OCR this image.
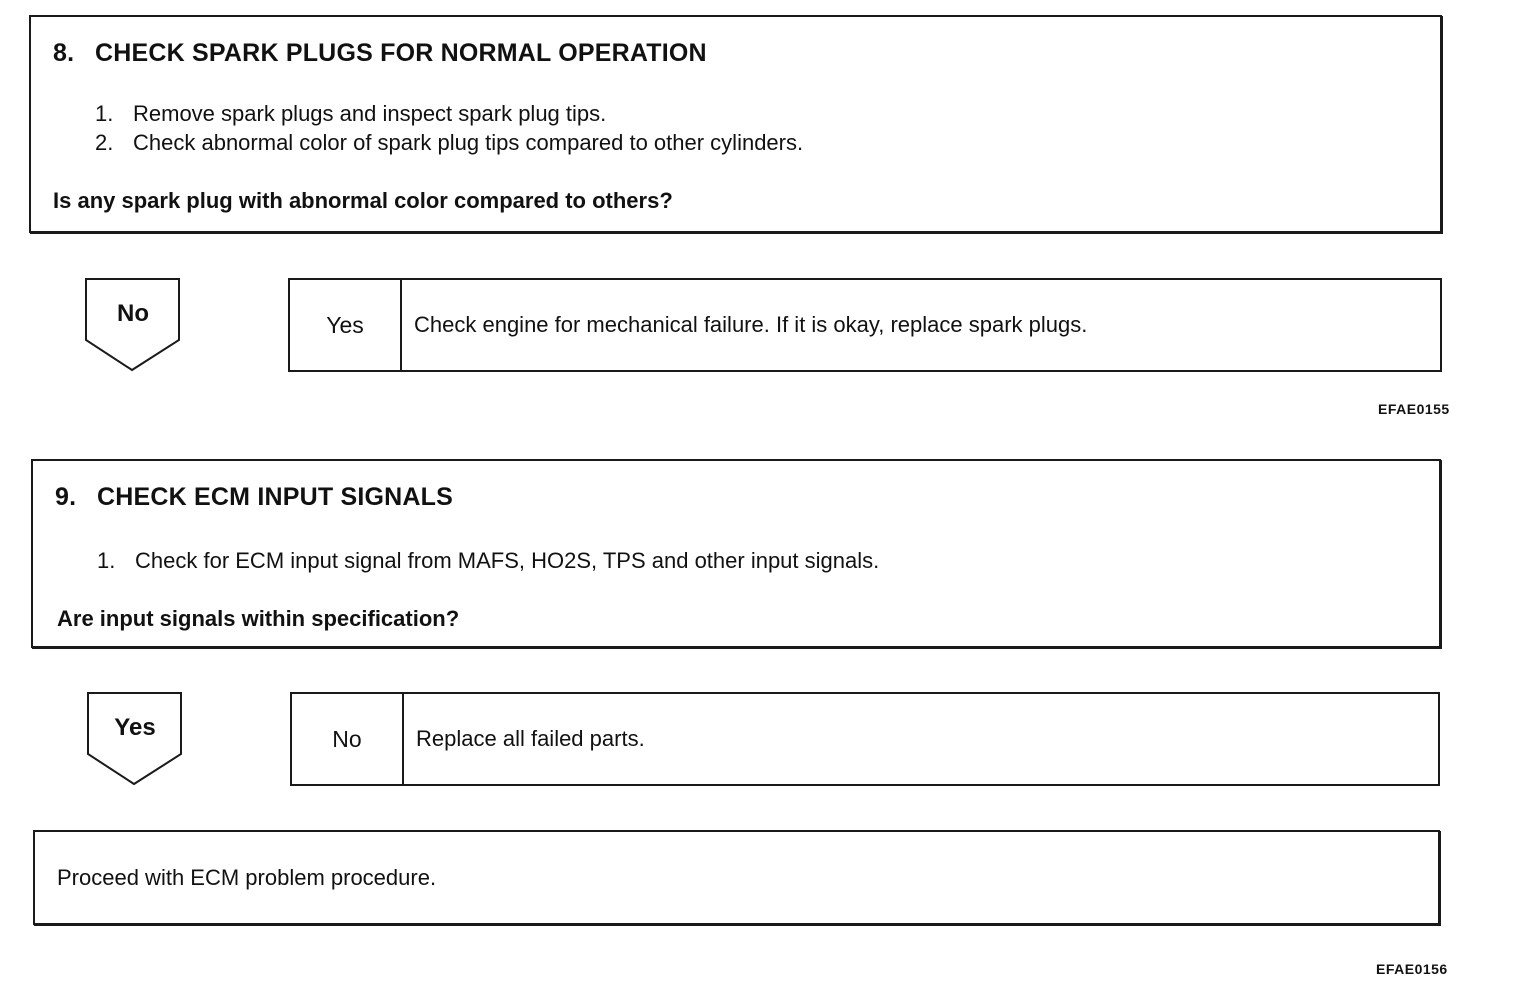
8. CHECK SPARK PLUGS FOR NORMAL OPERATION
1. Remove spark plugs and inspect spark plug tips.
2. Check abnormal color of spark plug tips compared to other cylinders.
Is any spark plug with abnormal color compared to others?
No	Yes	Check engine for mechanical failure. If it is okay, replace spark plugs.
EFAE0155
9. CHECK ECM INPUT SIGNALS
1. Check for ECM input signal from MAFS, HO2S, TPS and other input signals.
Are input signals within specification?
Yes	No	Replace all failed parts.
Proceed with ECM problem procedure.
EFAE0156
